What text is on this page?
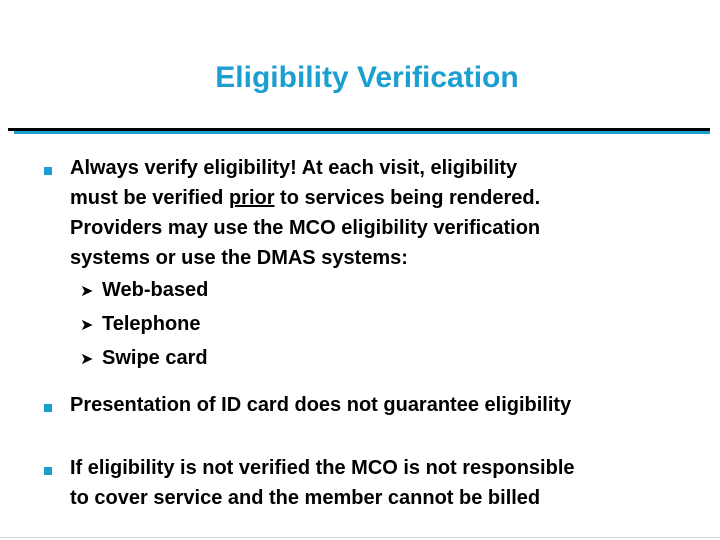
Eligibility Verification
Always verify eligibility! At each visit, eligibility
must be verified prior to services being rendered.
Providers may use the MCO eligibility verification
systems or use the DMAS systems:
➤ Web-based
➤ Telephone
➤ Swipe card
Presentation of ID card does not guarantee eligibility
If eligibility is not verified the MCO is not responsible
to cover service and the member cannot be billed
